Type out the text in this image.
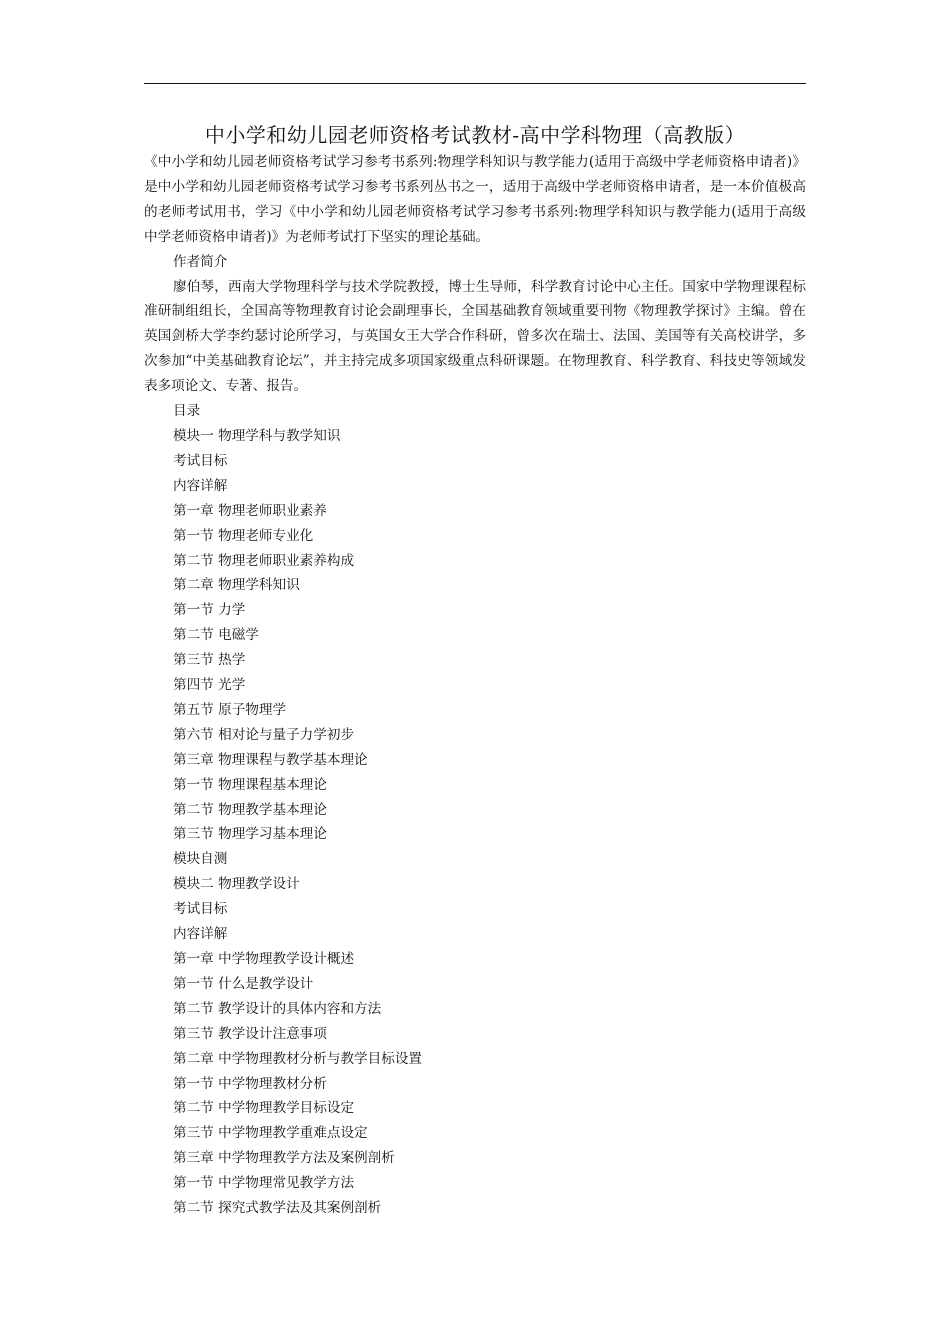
中小学和幼儿园老师资格考试教材-高中学科物理（高教版）

《中小学和幼儿园老师资格考试学习参考书系列:物理学科知识与教学能力(适用于高级中学老师资格申请者)》是中小学和幼儿园老师资格考试学习参考书系列丛书之一，适用于高级中学老师资格申请者，是一本价值极高的老师考试用书，学习《中小学和幼儿园老师资格考试学习参考书系列:物理学科知识与教学能力(适用于高级中学老师资格申请者)》为老师考试打下坚实的理论基础。

作者简介

廖伯琴，西南大学物理科学与技术学院教授，博士生导师，科学教育讨论中心主任。国家中学物理课程标准研制组组长，全国高等物理教育讨论会副理事长，全国基础教育领域重要刊物《物理教学探讨》主编。曾在英国剑桥大学李约瑟讨论所学习，与英国女王大学合作科研，曾多次在瑞士、法国、美国等有关高校讲学，多次参加“中美基础教育论坛”，并主持完成多项国家级重点科研课题。在物理教育、科学教育、科技史等领域发表多项论文、专著、报告。

目录

模块一 物理学科与教学知识
考试目标
内容详解
第一章 物理老师职业素养
第一节 物理老师专业化
第二节 物理老师职业素养构成
第二章 物理学科知识
第一节 力学
第二节 电磁学
第三节 热学
第四节 光学
第五节 原子物理学
第六节 相对论与量子力学初步
第三章 物理课程与教学基本理论
第一节 物理课程基本理论
第二节 物理教学基本理论
第三节 物理学习基本理论
模块自测
模块二 物理教学设计
考试目标
内容详解
第一章 中学物理教学设计概述
第一节 什么是教学设计
第二节 教学设计的具体内容和方法
第三节 教学设计注意事项
第二章 中学物理教材分析与教学目标设置
第一节 中学物理教材分析
第二节 中学物理教学目标设定
第三节 中学物理教学重难点设定
第三章 中学物理教学方法及案例剖析
第一节 中学物理常见教学方法
第二节 探究式教学法及其案例剖析
